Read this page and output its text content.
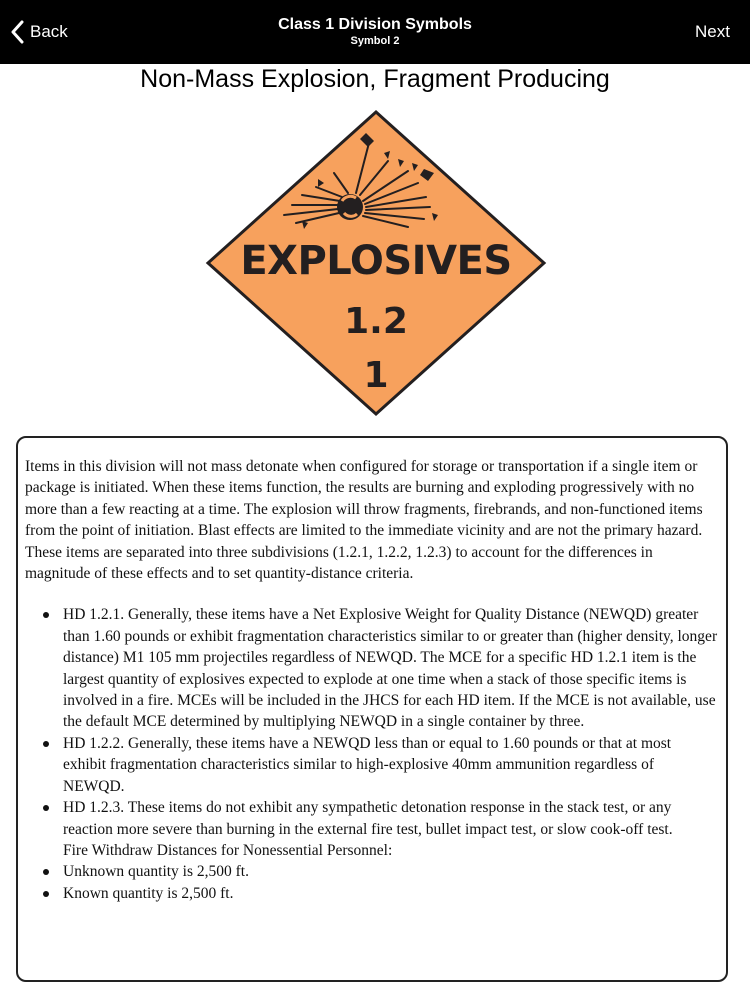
Back	Class 1 Division Symbols
Symbol 2	Next
Non-Mass Explosion, Fragment Producing
EXPLOSIVES
1.2
1

Items in this division will not mass detonate when configured for storage or transportation if a single item or package is initiated. When these items function, the results are burning and exploding progressively with no more than a few reacting at a time. The explosion will throw fragments, firebrands, and non-functioned items from the point of initiation. Blast effects are limited to the immediate vicinity and are not the primary hazard. These items are separated into three subdivisions (1.2.1, 1.2.2, 1.2.3) to account for the differences in magnitude of these effects and to set quantity-distance criteria.

HD 1.2.1. Generally, these items have a Net Explosive Weight for Quality Distance (NEWQD) greater than 1.60 pounds or exhibit fragmentation characteristics similar to or greater than (higher density, longer distance) M1 105 mm projectiles regardless of NEWQD. The MCE for a specific HD 1.2.1 item is the largest quantity of explosives expected to explode at one time when a stack of those specific items is involved in a fire. MCEs will be included in the JHCS for each HD item. If the MCE is not available, use the default MCE determined by multiplying NEWQD in a single container by three.
HD 1.2.2. Generally, these items have a NEWQD less than or equal to 1.60 pounds or that at most exhibit fragmentation characteristics similar to high-explosive 40mm ammunition regardless of NEWQD.
HD 1.2.3. These items do not exhibit any sympathetic detonation response in the stack test, or any reaction more severe than burning in the external fire test, bullet impact test, or slow cook-off test.
Fire Withdraw Distances for Nonessential Personnel:
Unknown quantity is 2,500 ft.
Known quantity is 2,500 ft.
